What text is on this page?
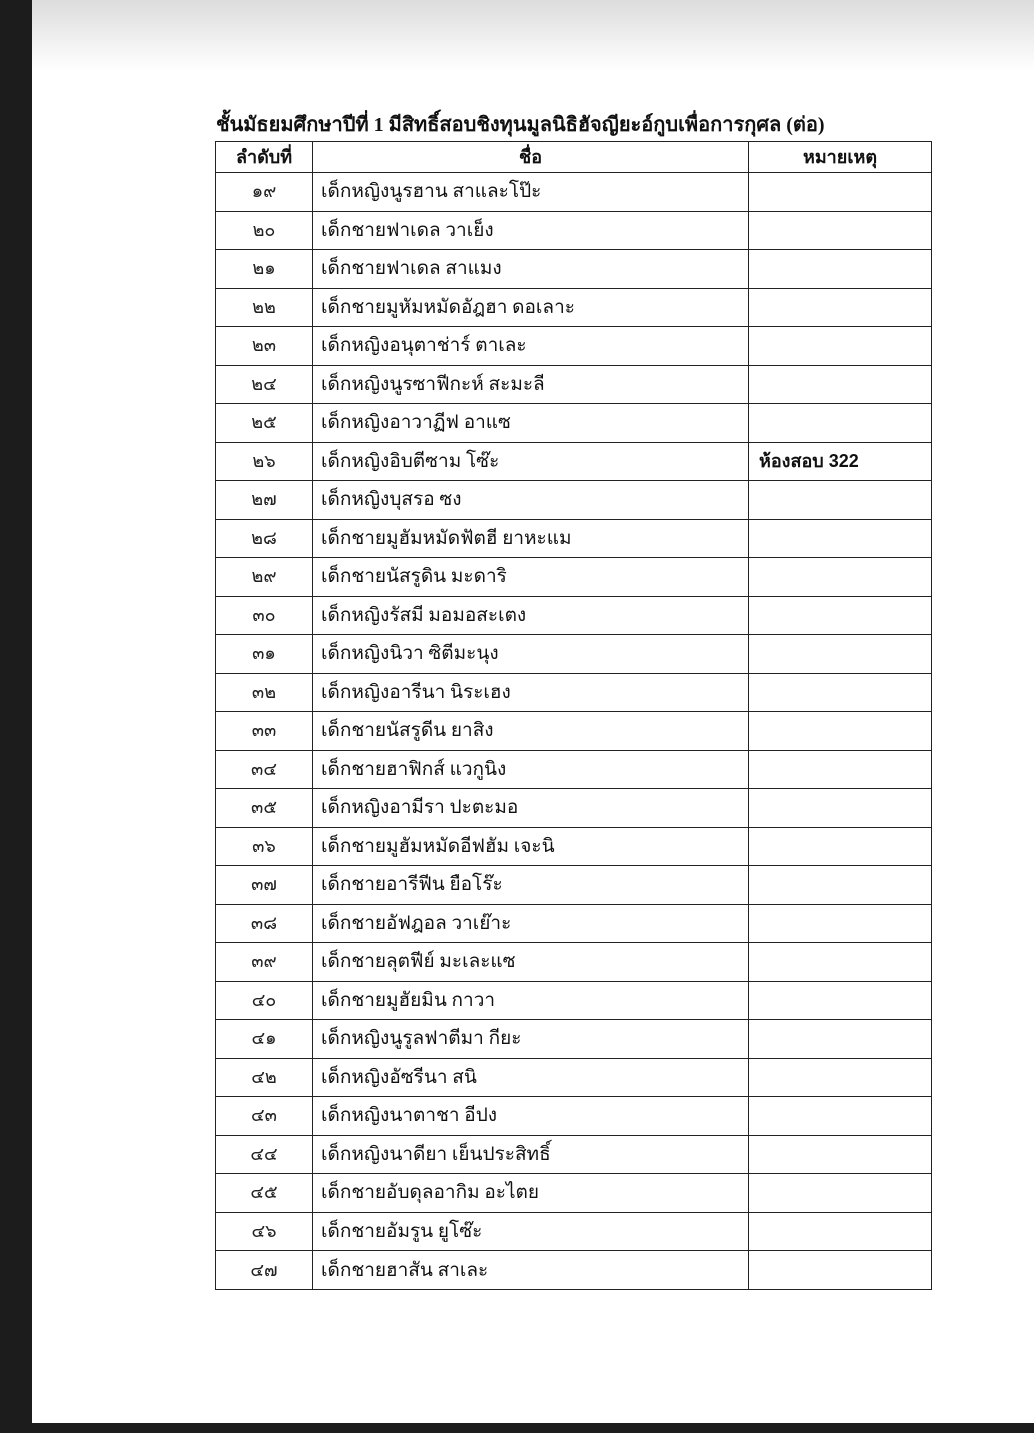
ชั้นมัธยมศึกษาปีที่ 1 มีสิทธิ์สอบชิงทุนมูลนิธิฮัจญียะอ์กูบเพื่อการกุศล (ต่อ)
ลำดับที่	ชื่อ	หมายเหตุ
๑๙	เด็กหญิงนูรฮาน สาและโป๊ะ	
๒๐	เด็กชายฟาเดล วาเย็ง	
๒๑	เด็กชายฟาเดล สาแมง	
๒๒	เด็กชายมูหัมหมัดอัฎฮา ดอเลาะ	
๒๓	เด็กหญิงอนุตาช่าร์ ตาเละ	
๒๔	เด็กหญิงนูรซาฟีกะห์ สะมะลี	
๒๕	เด็กหญิงอาวาฏีฟ อาแซ	
๒๖	เด็กหญิงอิบตีซาม โซ๊ะ	ห้องสอบ 322
๒๗	เด็กหญิงบุสรอ ซง	
๒๘	เด็กชายมูฮัมหมัดฟัตฮี ยาหะแม	
๒๙	เด็กชายนัสรูดิน มะดาริ	
๓๐	เด็กหญิงรัสมี มอมอสะเตง	
๓๑	เด็กหญิงนิวา ซิตีมะนุง	
๓๒	เด็กหญิงอารีนา นิระเฮง	
๓๓	เด็กชายนัสรูดีน ยาสิง	
๓๔	เด็กชายฮาฟิกส์ แวกูนิง	
๓๕	เด็กหญิงอามีรา ปะตะมอ	
๓๖	เด็กชายมูฮัมหมัดอีฟฮัม เจะนิ	
๓๗	เด็กชายอารีฟีน ยือโร๊ะ	
๓๘	เด็กชายอัฟฎอล วาเย๊าะ	
๓๙	เด็กชายลุตฟีย์ มะเละแซ	
๔๐	เด็กชายมูฮัยมิน กาวา	
๔๑	เด็กหญิงนูรูลฟาตีมา กียะ	
๔๒	เด็กหญิงอัซรีนา สนิ	
๔๓	เด็กหญิงนาตาชา อีปง	
๔๔	เด็กหญิงนาดียา เย็นประสิทธิ์	
๔๕	เด็กชายอับดุลอากิม อะไตย	
๔๖	เด็กชายอัมรูน ยูโซ๊ะ	
๔๗	เด็กชายฮาสัน สาเละ	
